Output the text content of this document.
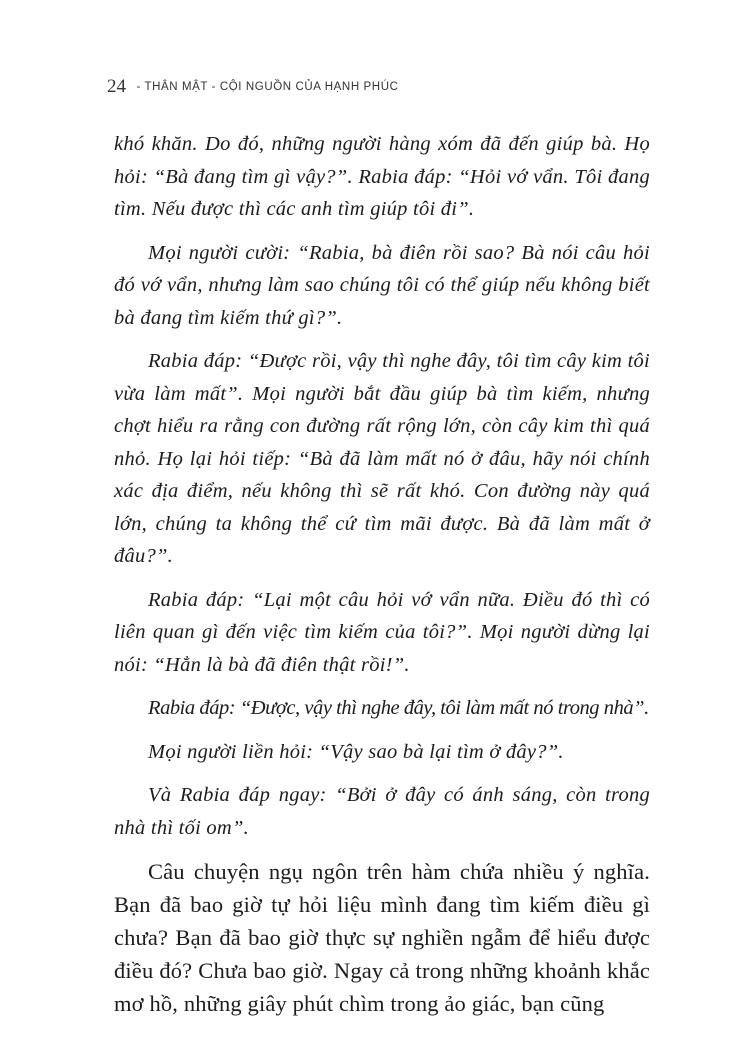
24 - THÂN MẬT - CỘI NGUỒN CỦA HẠNH PHÚC

khó khăn. Do đó, những người hàng xóm đã đến giúp bà. Họ hỏi: “Bà đang tìm gì vậy?”. Rabia đáp: “Hỏi vớ vẩn. Tôi đang tìm. Nếu được thì các anh tìm giúp tôi đi”.

Mọi người cười: “Rabia, bà điên rồi sao? Bà nói câu hỏi đó vớ vẩn, nhưng làm sao chúng tôi có thể giúp nếu không biết bà đang tìm kiếm thứ gì?”.

Rabia đáp: “Được rồi, vậy thì nghe đây, tôi tìm cây kim tôi vừa làm mất”. Mọi người bắt đầu giúp bà tìm kiếm, nhưng chợt hiểu ra rằng con đường rất rộng lớn, còn cây kim thì quá nhỏ. Họ lại hỏi tiếp: “Bà đã làm mất nó ở đâu, hãy nói chính xác địa điểm, nếu không thì sẽ rất khó. Con đường này quá lớn, chúng ta không thể cứ tìm mãi được. Bà đã làm mất ở đâu?”.

Rabia đáp: “Lại một câu hỏi vớ vẩn nữa. Điều đó thì có liên quan gì đến việc tìm kiếm của tôi?”. Mọi người dừng lại nói: “Hẳn là bà đã điên thật rồi!”.

Rabia đáp: “Được, vậy thì nghe đây, tôi làm mất nó trong nhà”.

Mọi người liền hỏi: “Vậy sao bà lại tìm ở đây?”.

Và Rabia đáp ngay: “Bởi ở đây có ánh sáng, còn trong nhà thì tối om”.

Câu chuyện ngụ ngôn trên hàm chứa nhiều ý nghĩa. Bạn đã bao giờ tự hỏi liệu mình đang tìm kiếm điều gì chưa? Bạn đã bao giờ thực sự nghiền ngẫm để hiểu được điều đó? Chưa bao giờ. Ngay cả trong những khoảnh khắc mơ hồ, những giây phút chìm trong ảo giác, bạn cũng
